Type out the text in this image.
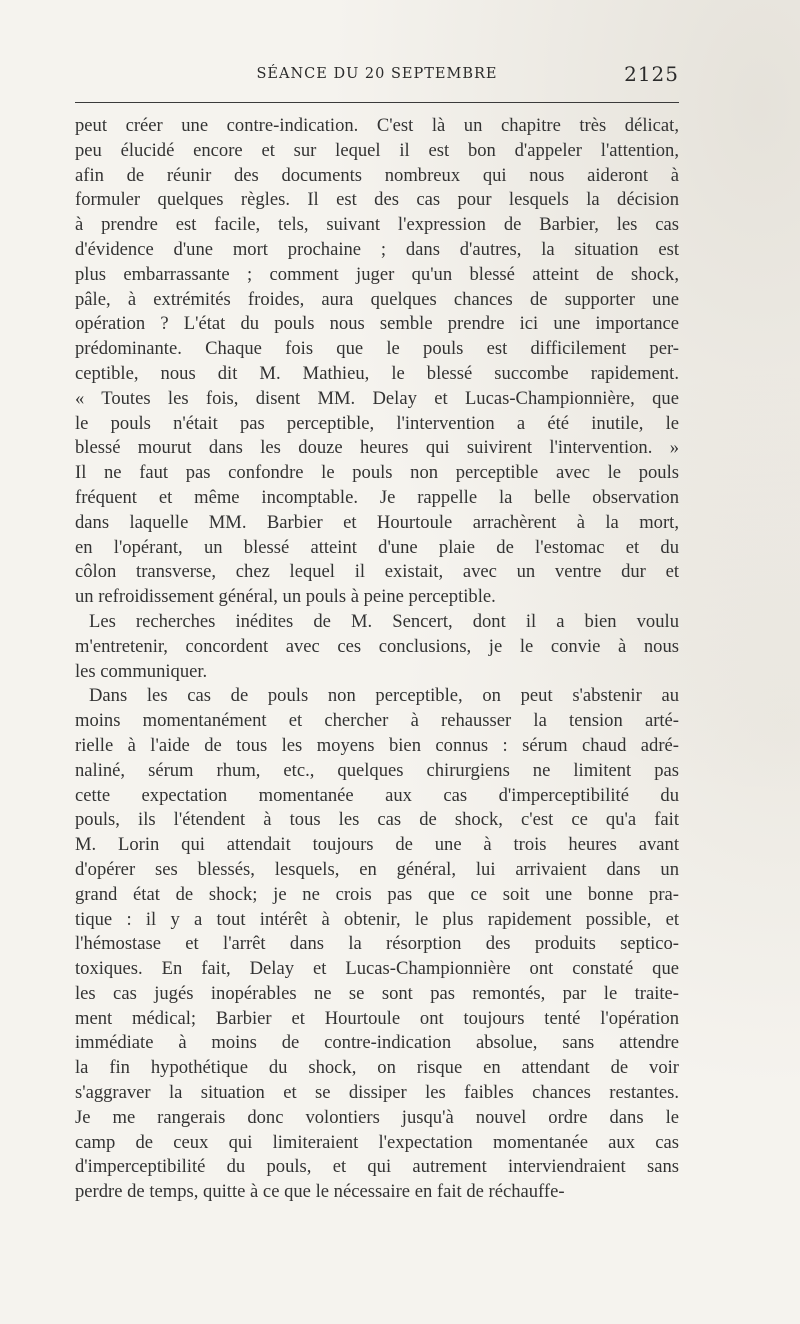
SÉANCE DU 20 SEPTEMBRE	2125
peut créer une contre-indication. C'est là un chapitre très délicat,
peu élucidé encore et sur lequel il est bon d'appeler l'attention,
afin de réunir des documents nombreux qui nous aideront à
formuler quelques règles. Il est des cas pour lesquels la décision
à prendre est facile, tels, suivant l'expression de Barbier, les cas
d'évidence d'une mort prochaine ; dans d'autres, la situation est
plus embarrassante ; comment juger qu'un blessé atteint de shock,
pâle, à extrémités froides, aura quelques chances de supporter une
opération ? L'état du pouls nous semble prendre ici une importance
prédominante. Chaque fois que le pouls est difficilement per-
ceptible, nous dit M. Mathieu, le blessé succombe rapidement.
« Toutes les fois, disent MM. Delay et Lucas-Championnière, que
le pouls n'était pas perceptible, l'intervention a été inutile, le
blessé mourut dans les douze heures qui suivirent l'intervention. »
Il ne faut pas confondre le pouls non perceptible avec le pouls
fréquent et même incomptable. Je rappelle la belle observation
dans laquelle MM. Barbier et Hourtoule arrachèrent à la mort,
en l'opérant, un blessé atteint d'une plaie de l'estomac et du
côlon transverse, chez lequel il existait, avec un ventre dur et
un refroidissement général, un pouls à peine perceptible.
Les recherches inédites de M. Sencert, dont il a bien voulu
m'entretenir, concordent avec ces conclusions, je le convie à nous
les communiquer.
Dans les cas de pouls non perceptible, on peut s'abstenir au
moins momentanément et chercher à rehausser la tension arté-
rielle à l'aide de tous les moyens bien connus : sérum chaud adré-
naliné, sérum rhum, etc., quelques chirurgiens ne limitent pas
cette expectation momentanée aux cas d'imperceptibilité du
pouls, ils l'étendent à tous les cas de shock, c'est ce qu'a fait
M. Lorin qui attendait toujours de une à trois heures avant
d'opérer ses blessés, lesquels, en général, lui arrivaient dans un
grand état de shock; je ne crois pas que ce soit une bonne pra-
tique : il y a tout intérêt à obtenir, le plus rapidement possible, et
l'hémostase et l'arrêt dans la résorption des produits septico-
toxiques. En fait, Delay et Lucas-Championnière ont constaté que
les cas jugés inopérables ne se sont pas remontés, par le traite-
ment médical; Barbier et Hourtoule ont toujours tenté l'opération
immédiate à moins de contre-indication absolue, sans attendre
la fin hypothétique du shock, on risque en attendant de voir
s'aggraver la situation et se dissiper les faibles chances restantes.
Je me rangerais donc volontiers jusqu'à nouvel ordre dans le
camp de ceux qui limiteraient l'expectation momentanée aux cas
d'imperceptibilité du pouls, et qui autrement interviendraient sans
perdre de temps, quitte à ce que le nécessaire en fait de réchauffe-
